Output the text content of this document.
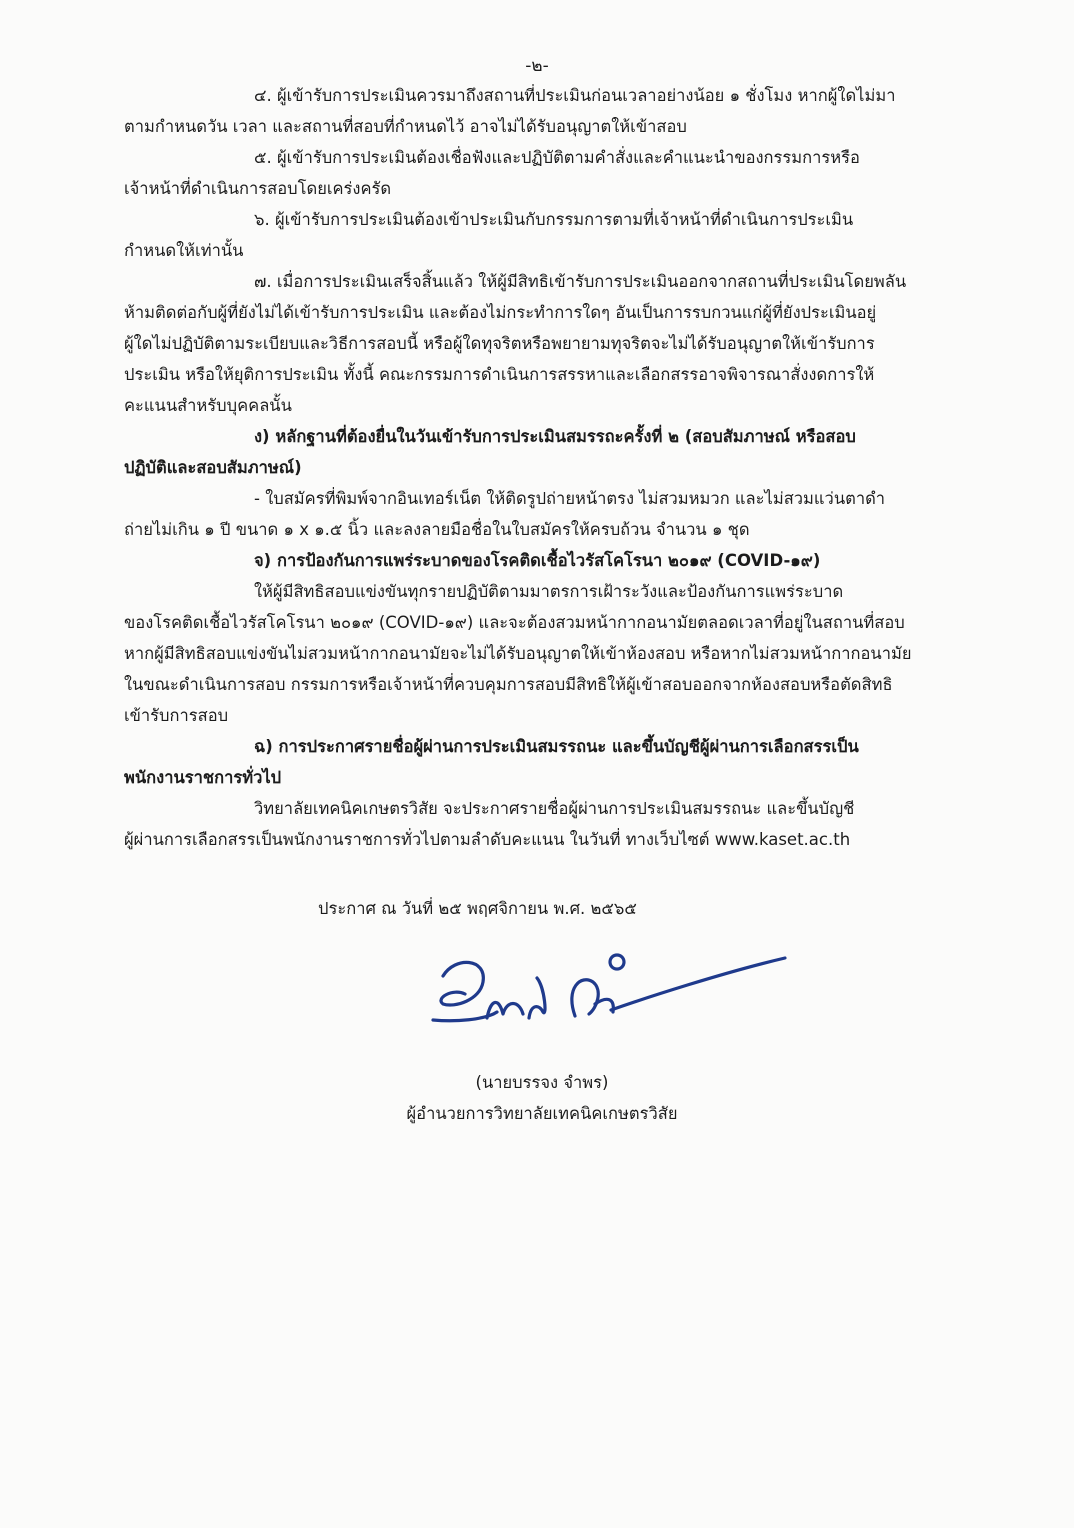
-๒-
๔. ผู้เข้ารับการประเมินควรมาถึงสถานที่ประเมินก่อนเวลาอย่างน้อย ๑ ชั่งโมง หากผู้ใดไม่มา
ตามกำหนดวัน เวลา และสถานที่สอบที่กำหนดไว้ อาจไม่ได้รับอนุญาตให้เข้าสอบ
๕. ผู้เข้ารับการประเมินต้องเชื่อฟังและปฏิบัติตามคำสั่งและคำแนะนำของกรรมการหรือ
เจ้าหน้าที่ดำเนินการสอบโดยเคร่งครัด
๖. ผู้เข้ารับการประเมินต้องเข้าประเมินกับกรรมการตามที่เจ้าหน้าที่ดำเนินการประเมิน
กำหนดให้เท่านั้น
๗. เมื่อการประเมินเสร็จสิ้นแล้ว ให้ผู้มีสิทธิเข้ารับการประเมินออกจากสถานที่ประเมินโดยพลัน
ห้ามติดต่อกับผู้ที่ยังไม่ได้เข้ารับการประเมิน และต้องไม่กระทำการใดๆ อันเป็นการรบกวนแก่ผู้ที่ยังประเมินอยู่
ผู้ใดไม่ปฏิบัติตามระเบียบและวิธีการสอบนี้ หรือผู้ใดทุจริตหรือพยายามทุจริตจะไม่ได้รับอนุญาตให้เข้ารับการ
ประเมิน หรือให้ยุติการประเมิน ทั้งนี้ คณะกรรมการดำเนินการสรรหาและเลือกสรรอาจพิจารณาสั่งงดการให้
คะแนนสำหรับบุคคลนั้น
ง) หลักฐานที่ต้องยื่นในวันเข้ารับการประเมินสมรรถะครั้งที่ ๒ (สอบสัมภาษณ์ หรือสอบ
ปฏิบัติและสอบสัมภาษณ์)
- ใบสมัครที่พิมพ์จากอินเทอร์เน็ต ให้ติดรูปถ่ายหน้าตรง ไม่สวมหมวก และไม่สวมแว่นตาดำ
ถ่ายไม่เกิน ๑ ปี ขนาด ๑ x ๑.๕ นิ้ว และลงลายมือชื่อในใบสมัครให้ครบถ้วน จำนวน ๑ ชุด
จ) การป้องกันการแพร่ระบาดของโรคติดเชื้อไวรัสโคโรนา ๒๐๑๙ (COVID-๑๙)
ให้ผู้มีสิทธิสอบแข่งขันทุกรายปฏิบัติตามมาตรการเฝ้าระวังและป้องกันการแพร่ระบาด
ของโรคติดเชื้อไวรัสโคโรนา ๒๐๑๙ (COVID-๑๙) และจะต้องสวมหน้ากากอนามัยตลอดเวลาที่อยู่ในสถานที่สอบ
หากผู้มีสิทธิสอบแข่งขันไม่สวมหน้ากากอนามัยจะไม่ได้รับอนุญาตให้เข้าห้องสอบ หรือหากไม่สวมหน้ากากอนามัย
ในขณะดำเนินการสอบ กรรมการหรือเจ้าหน้าที่ควบคุมการสอบมีสิทธิให้ผู้เข้าสอบออกจากห้องสอบหรือตัดสิทธิ
เข้ารับการสอบ
ฉ) การประกาศรายชื่อผู้ผ่านการประเมินสมรรถนะ และขึ้นบัญชีผู้ผ่านการเลือกสรรเป็น
พนักงานราชการทั่วไป
วิทยาลัยเทคนิคเกษตรวิสัย จะประกาศรายชื่อผู้ผ่านการประเมินสมรรถนะ และขึ้นบัญชี
ผู้ผ่านการเลือกสรรเป็นพนักงานราชการทั่วไปตามลำดับคะแนน ในวันที่ ทางเว็บไซต์ www.kaset.ac.th
ประกาศ ณ วันที่ ๒๕ พฤศจิกายน พ.ศ. ๒๕๖๕
(นายบรรจง จำพร)
ผู้อำนวยการวิทยาลัยเทคนิคเกษตรวิสัย
